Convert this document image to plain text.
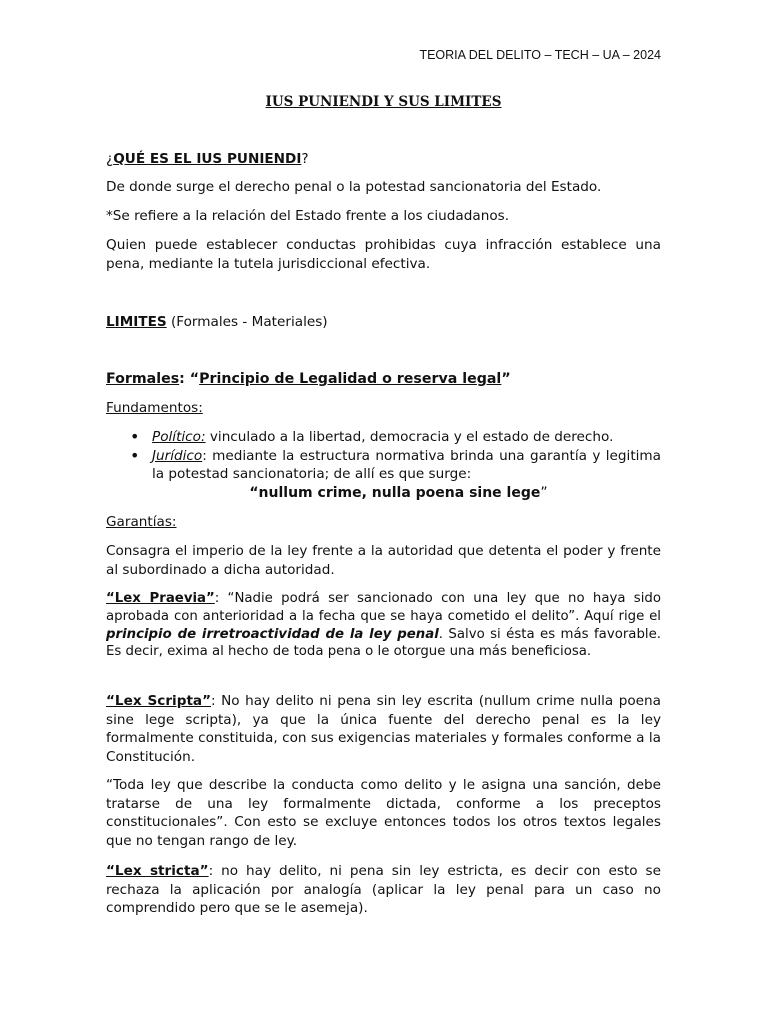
TEORIA DEL DELITO – TECH – UA – 2024
IUS PUNIENDI Y SUS LIMITES

¿QUÉ ES EL IUS PUNIENDI?

De donde surge el derecho penal o la potestad sancionatoria del Estado.

*Se refiere a la relación del Estado frente a los ciudadanos.

Quien puede establecer conductas prohibidas cuya infracción establece una pena, mediante la tutela jurisdiccional efectiva.

LIMITES (Formales - Materiales)

Formales: “Principio de Legalidad o reserva legal”

Fundamentos:

• Político: vinculado a la libertad, democracia y el estado de derecho.
• Jurídico: mediante la estructura normativa brinda una garantía y legitima la potestad sancionatoria; de allí es que surge:

“nullum crime, nulla poena sine lege”

Garantías:

Consagra el imperio de la ley frente a la autoridad que detenta el poder y frente al subordinado a dicha autoridad.

“Lex Praevia”: “Nadie podrá ser sancionado con una ley que no haya sido aprobada con anterioridad a la fecha que se haya cometido el delito”. Aquí rige el principio de irretroactividad de la ley penal. Salvo si ésta es más favorable. Es decir, exima al hecho de toda pena o le otorgue una más beneficiosa.

“Lex Scripta”: No hay delito ni pena sin ley escrita (nullum crime nulla poena sine lege scripta), ya que la única fuente del derecho penal es la ley formalmente constituida, con sus exigencias materiales y formales conforme a la Constitución.

“Toda ley que describe la conducta como delito y le asigna una sanción, debe tratarse de una ley formalmente dictada, conforme a los preceptos constitucionales”. Con esto se excluye entonces todos los otros textos legales que no tengan rango de ley.

“Lex stricta”: no hay delito, ni pena sin ley estricta, es decir con esto se rechaza la aplicación por analogía (aplicar la ley penal para un caso no comprendido pero que se le asemeja).
